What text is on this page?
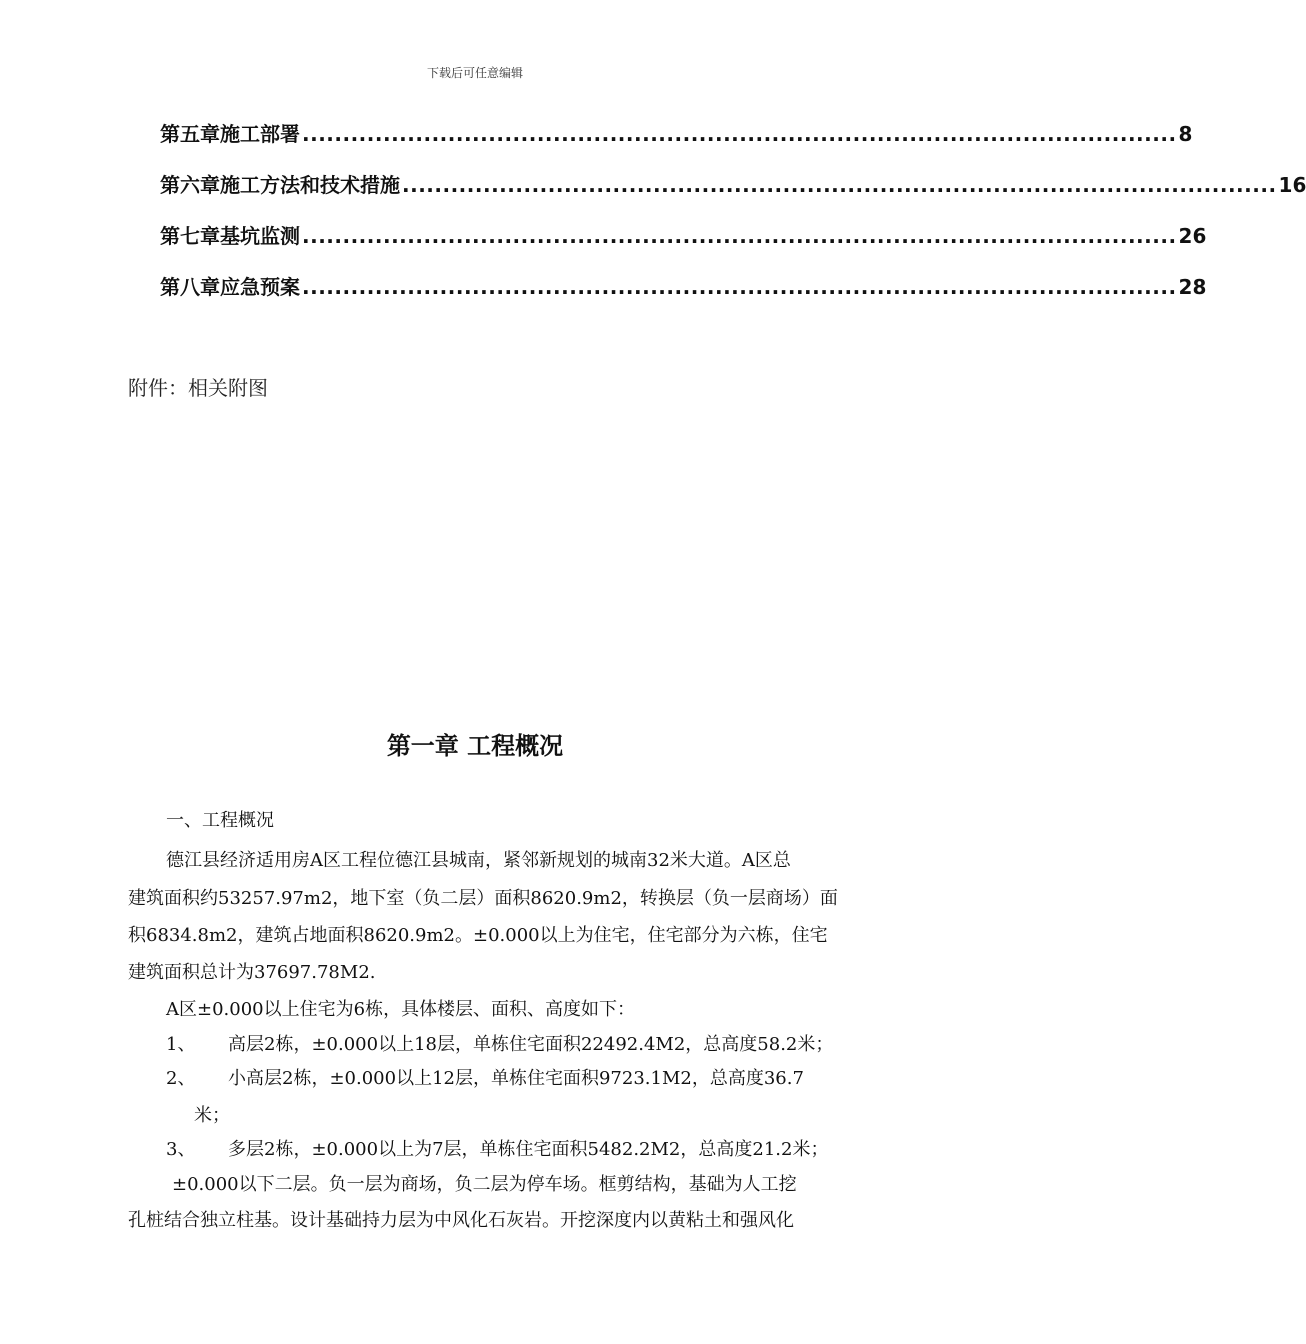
下载后可任意编辑
第五章 施工部署 ............................................................................................................ 8
第六章 施工方法和技术措施 ............................................................................................................ 16
第七章 基坑监测 ............................................................................................................ 26
第八章 应急预案 ............................................................................................................ 28
附件：相关附图
第一章 工程概况
一、工程概况
德江县经济适用房A区工程位德江县城南，紧邻新规划的城南32米大道。A区总
建筑面积约53257.97m2，地下室（负二层）面积8620.9m2，转换层（负一层商场）面
积6834.8m2，建筑占地面积8620.9m2。±0.000以上为住宅，住宅部分为六栋，住宅
建筑面积总计为37697.78M2.
A区±0.000以上住宅为6栋，具体楼层、面积、高度如下：
1、 高层2栋，±0.000以上18层，单栋住宅面积22492.4M2，总高度58.2米；
2、 小高层2栋，±0.000以上12层，单栋住宅面积9723.1M2，总高度36.7
米；
3、 多层2栋，±0.000以上为7层，单栋住宅面积5482.2M2，总高度21.2米；
±0.000以下二层。负一层为商场，负二层为停车场。框剪结构，基础为人工挖
孔桩结合独立柱基。设计基础持力层为中风化石灰岩。开挖深度内以黄粘土和强风化
